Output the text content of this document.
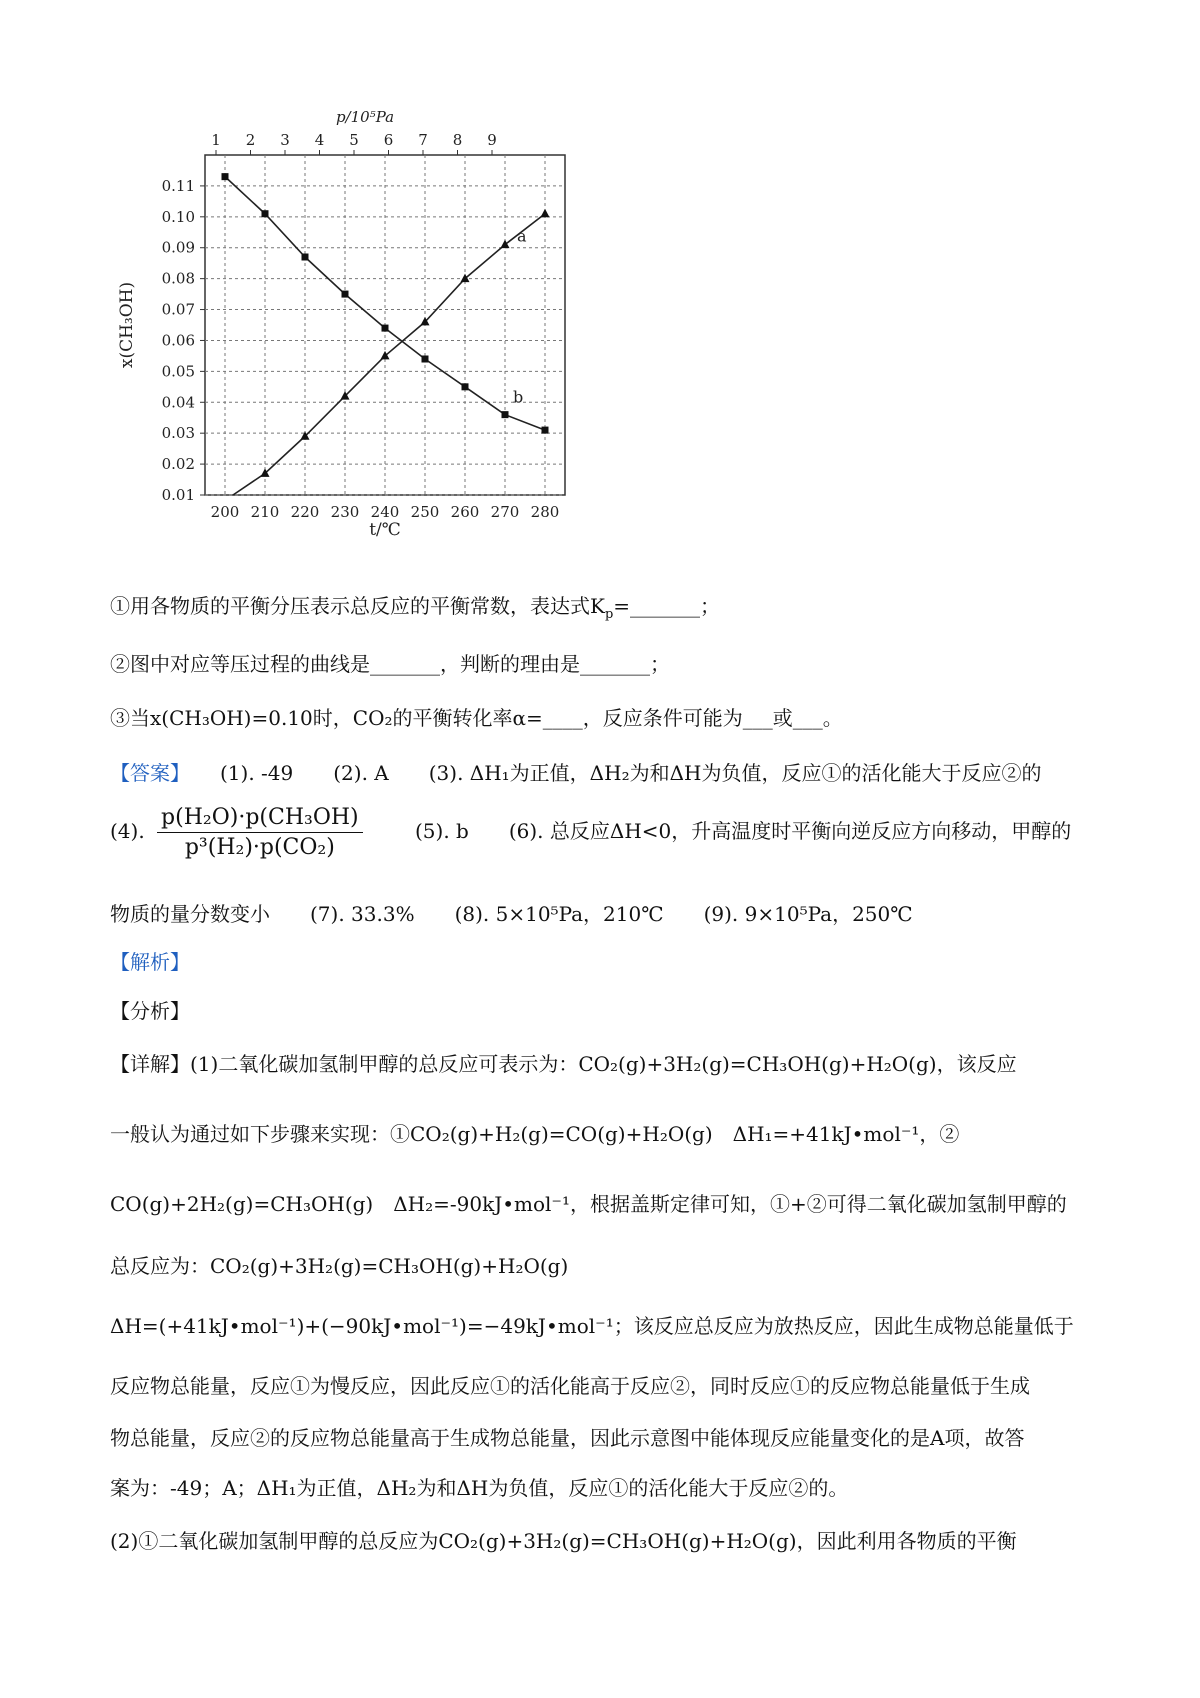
200 210 220 230 240 250 260 270 280
0.01
0.02
0.03
0.04
0.05
0.06
0.07
0.08
0.09
0.10
0.11
1 2 3 4 5 6 7 8 9
p/10⁵Pa
t/℃
x(CH₃OH)
a
b
①用各物质的平衡分压表示总反应的平衡常数，表达式$K_p=\_\_\_\_\_\_\_$；
②图中对应等压过程的曲线是_______，判断的理由是_______；
③当x(CH₃OH)=0.10时，CO₂的平衡转化率α=____，反应条件可能为___或___。
【答案】　　 (1). -49　　(2). A　　(3). ΔH₁为正值，ΔH₂为和ΔH为负值，反应①的活化能大于反应②的
(4). $\frac{\text{p(H₂O)·p(CH₃OH)}}{\text{p³(H₂)·p(CO₂)}}$	(5). b　　(6). 总反应ΔH<0，升高温度时平衡向逆反应方向移动，甲醇的
物质的量分数变小　　(7). 33.3%　　(8). 5×10⁵Pa，210℃　　(9). 9×10⁵Pa，250℃
【解析】
【分析】
【详解】(1)二氧化碳加氢制甲醇的总反应可表示为：CO₂(g)+3H₂(g)=CH₃OH(g)+H₂O(g)，该反应
一般认为通过如下步骤来实现：①CO₂(g)+H₂(g)=CO(g)+H₂O(g)　ΔH₁=+41kJ•mol⁻¹，②
CO(g)+2H₂(g)=CH₃OH(g)　ΔH₂=-90kJ•mol⁻¹，根据盖斯定律可知，①+②可得二氧化碳加氢制甲醇的
总反应为：CO₂(g)+3H₂(g)=CH₃OH(g)+H₂O(g)
ΔH=(+41kJ•mol⁻¹)+(−90kJ•mol⁻¹)=−49kJ•mol⁻¹；该反应总反应为放热反应，因此生成物总能量低于
反应物总能量，反应①为慢反应，因此反应①的活化能高于反应②，同时反应①的反应物总能量低于生成
物总能量，反应②的反应物总能量高于生成物总能量，因此示意图中能体现反应能量变化的是A项，故答
案为：-49；A；ΔH₁为正值，ΔH₂为和ΔH为负值，反应①的活化能大于反应②的。
(2)①二氧化碳加氢制甲醇的总反应为CO₂(g)+3H₂(g)=CH₃OH(g)+H₂O(g)，因此利用各物质的平衡
